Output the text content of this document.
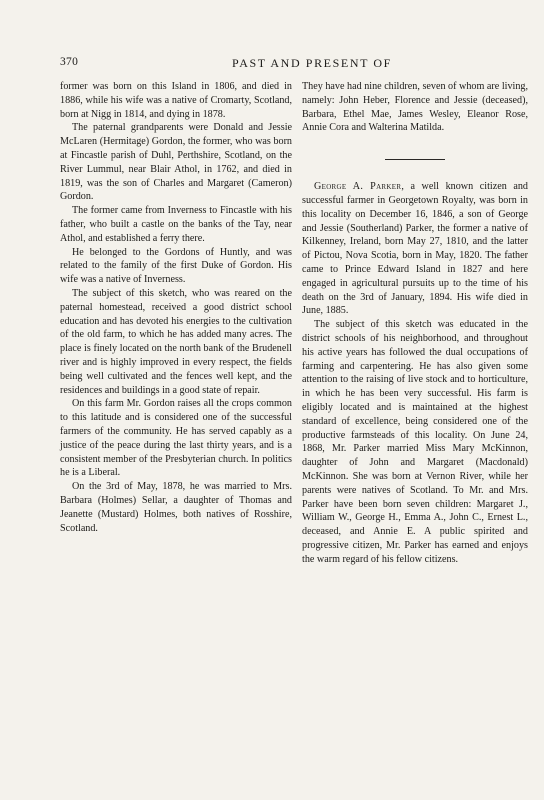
370	PAST AND PRESENT OF

former was born on this Island in 1806, and died in 1886, while his wife was a native of Cromarty, Scotland, born at Nigg in 1814, and dying in 1878.

The paternal grandparents were Donald and Jessie McLaren (Hermitage) Gordon, the former, who was born at Fincastle parish of Duhl, Perthshire, Scotland, on the River Lummul, near Blair Athol, in 1762, and died in 1819, was the son of Charles and Margaret (Cameron) Gordon.

The former came from Inverness to Fincastle with his father, who built a castle on the banks of the Tay, near Athol, and established a ferry there.

He belonged to the Gordons of Huntly, and was related to the family of the first Duke of Gordon. His wife was a native of Inverness.

The subject of this sketch, who was reared on the paternal homestead, received a good district school education and has devoted his energies to the cultivation of the old farm, to which he has added many acres. The place is finely located on the north bank of the Brudenell river and is highly improved in every respect, the fields being well cultivated and the fences well kept, and the residences and buildings in a good state of repair.

On this farm Mr. Gordon raises all the crops common to this latitude and is considered one of the successful farmers of the community. He has served capably as a justice of the peace during the last thirty years, and is a consistent member of the Presbyterian church. In politics he is a Liberal.

On the 3rd of May, 1878, he was married to Mrs. Barbara (Holmes) Sellar, a daughter of Thomas and Jeanette (Mustard) Holmes, both natives of Rosshire, Scotland.

They have had nine children, seven of whom are living, namely: John Heber, Florence and Jessie (deceased), Barbara, Ethel Mae, James Wesley, Eleanor Rose, Annie Cora and Walterina Matilda.

George A. Parker, a well known citizen and successful farmer in Georgetown Royalty, was born in this locality on December 16, 1846, a son of George and Jessie (Southerland) Parker, the former a native of Kilkenney, Ireland, born May 27, 1810, and the latter of Pictou, Nova Scotia, born in May, 1820. The father came to Prince Edward Island in 1827 and here engaged in agricultural pursuits up to the time of his death on the 3rd of January, 1894. His wife died in June, 1885.

The subject of this sketch was educated in the district schools of his neighborhood, and throughout his active years has followed the dual occupations of farming and carpentering. He has also given some attention to the raising of live stock and to horticulture, in which he has been very successful. His farm is eligibly located and is maintained at the highest standard of excellence, being considered one of the productive farmsteads of this locality. On June 24, 1868, Mr. Parker married Miss Mary McKinnon, daughter of John and Margaret (Macdonald) McKinnon. She was born at Vernon River, while her parents were natives of Scotland. To Mr. and Mrs. Parker have been born seven children: Margaret J., William W., George H., Emma A., John C., Ernest L., deceased, and Annie E. A public spirited and progressive citizen, Mr. Parker has earned and enjoys the warm regard of his fellow citizens.
